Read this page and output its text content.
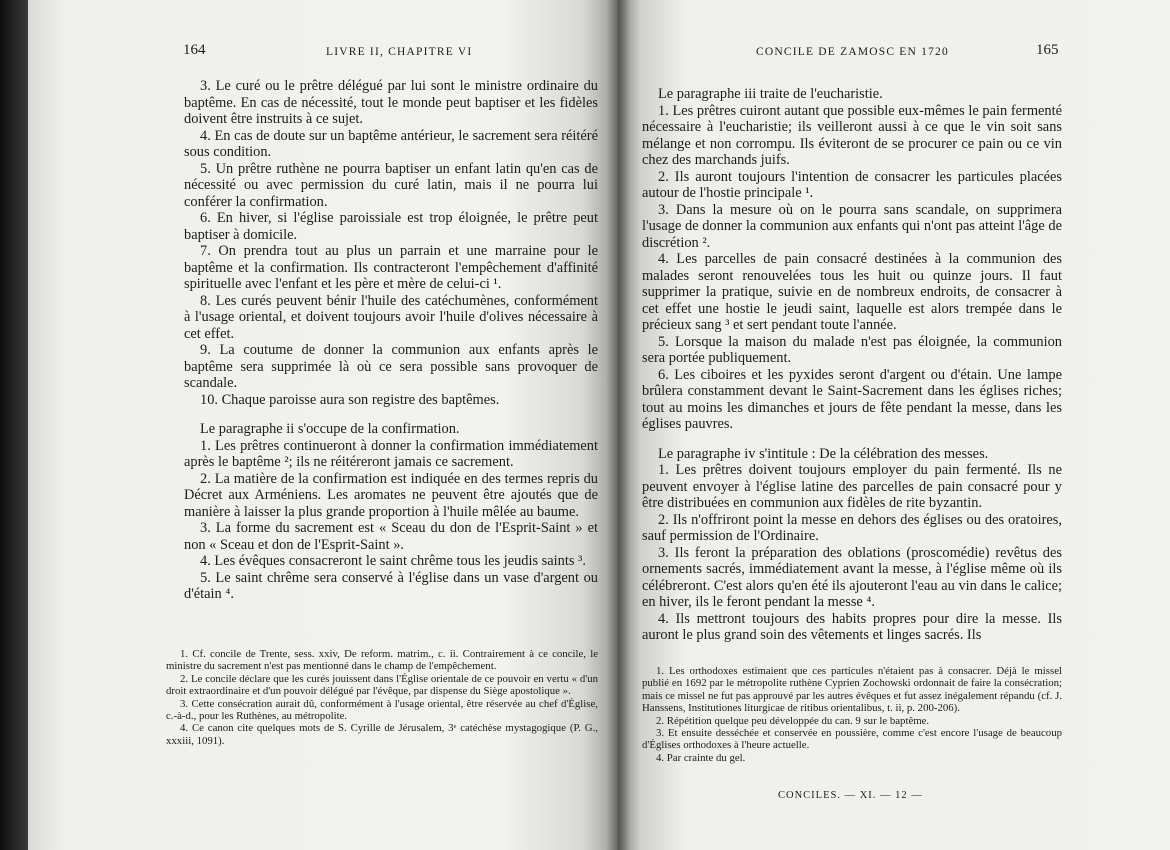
164	LIVRE II, CHAPITRE VI

3. Le curé ou le prêtre délégué par lui sont le ministre ordinaire du baptême. En cas de nécessité, tout le monde peut baptiser et les fidèles doivent être instruits à ce sujet.

4. En cas de doute sur un baptême antérieur, le sacrement sera réitéré sous condition.

5. Un prêtre ruthène ne pourra baptiser un enfant latin qu'en cas de nécessité ou avec permission du curé latin, mais il ne pourra lui conférer la confirmation.

6. En hiver, si l'église paroissiale est trop éloignée, le prêtre peut baptiser à domicile.

7. On prendra tout au plus un parrain et une marraine pour le baptême et la confirmation. Ils contracteront l'empêchement d'affinité spirituelle avec l'enfant et les père et mère de celui-ci ¹.

8. Les curés peuvent bénir l'huile des catéchumènes, conformément à l'usage oriental, et doivent toujours avoir l'huile d'olives nécessaire à cet effet.

9. La coutume de donner la communion aux enfants après le baptême sera supprimée là où ce sera possible sans provoquer de scandale.

10. Chaque paroisse aura son registre des baptêmes.

Le paragraphe ii s'occupe de la confirmation.

1. Les prêtres continueront à donner la confirmation immédiatement après le baptême ²; ils ne réitéreront jamais ce sacrement.

2. La matière de la confirmation est indiquée en des termes repris du Décret aux Arméniens. Les aromates ne peuvent être ajoutés que de manière à laisser la plus grande proportion à l'huile mêlée au baume.

3. La forme du sacrement est « Sceau du don de l'Esprit-Saint » et non « Sceau et don de l'Esprit-Saint ».

4. Les évêques consacreront le saint chrême tous les jeudis saints ³.

5. Le saint chrême sera conservé à l'église dans un vase d'argent ou d'étain ⁴.

1. Cf. concile de Trente, sess. xxiv, De reform. matrim., c. ii. Contrairement à ce concile, le ministre du sacrement n'est pas mentionné dans le champ de l'empêchement.

2. Le concile déclare que les curés jouissent dans l'Église orientale de ce pouvoir en vertu « d'un droit extraordinaire et d'un pouvoir délégué par l'évêque, par dispense du Siège apostolique ».

3. Cette consécration aurait dû, conformément à l'usage oriental, être réservée au chef d'Église, c.-à-d., pour les Ruthènes, au métropolite.

4. Ce canon cite quelques mots de S. Cyrille de Jérusalem, 3ᵉ catéchèse mystagogique (P. G., xxxiii, 1091).

CONCILE DE ZAMOSC EN 1720	165

Le paragraphe iii traite de l'eucharistie.

1. Les prêtres cuiront autant que possible eux-mêmes le pain fermenté nécessaire à l'eucharistie; ils veilleront aussi à ce que le vin soit sans mélange et non corrompu. Ils éviteront de se procurer ce pain ou ce vin chez des marchands juifs.

2. Ils auront toujours l'intention de consacrer les particules placées autour de l'hostie principale ¹.

3. Dans la mesure où on le pourra sans scandale, on supprimera l'usage de donner la communion aux enfants qui n'ont pas atteint l'âge de discrétion ².

4. Les parcelles de pain consacré destinées à la communion des malades seront renouvelées tous les huit ou quinze jours. Il faut supprimer la pratique, suivie en de nombreux endroits, de consacrer à cet effet une hostie le jeudi saint, laquelle est alors trempée dans le précieux sang ³ et sert pendant toute l'année.

5. Lorsque la maison du malade n'est pas éloignée, la communion sera portée publiquement.

6. Les ciboires et les pyxides seront d'argent ou d'étain. Une lampe brûlera constamment devant le Saint-Sacrement dans les églises riches; tout au moins les dimanches et jours de fête pendant la messe, dans les églises pauvres.

Le paragraphe iv s'intitule : De la célébration des messes.

1. Les prêtres doivent toujours employer du pain fermenté. Ils ne peuvent envoyer à l'église latine des parcelles de pain consacré pour y être distribuées en communion aux fidèles de rite byzantin.

2. Ils n'offriront point la messe en dehors des églises ou des oratoires, sauf permission de l'Ordinaire.

3. Ils feront la préparation des oblations (proscomédie) revêtus des ornements sacrés, immédiatement avant la messe, à l'église même où ils célébreront. C'est alors qu'en été ils ajouteront l'eau au vin dans le calice; en hiver, ils le feront pendant la messe ⁴.

4. Ils mettront toujours des habits propres pour dire la messe. Ils auront le plus grand soin des vêtements et linges sacrés. Ils

1. Les orthodoxes estimaient que ces particules n'étaient pas à consacrer. Déjà le missel publié en 1692 par le métropolite ruthène Cyprien Zochowski ordonnait de faire la consécration; mais ce missel ne fut pas approuvé par les autres évêques et fut assez inégalement répandu (cf. J. Hanssens, Institutiones liturgicae de ritibus orientalibus, t. ii, p. 200-206).

2. Répétition quelque peu développée du can. 9 sur le baptême.

3. Et ensuite desséchée et conservée en poussière, comme c'est encore l'usage de beaucoup d'Églises orthodoxes à l'heure actuelle.

4. Par crainte du gel.

CONCILES. — XI. — 12 —
